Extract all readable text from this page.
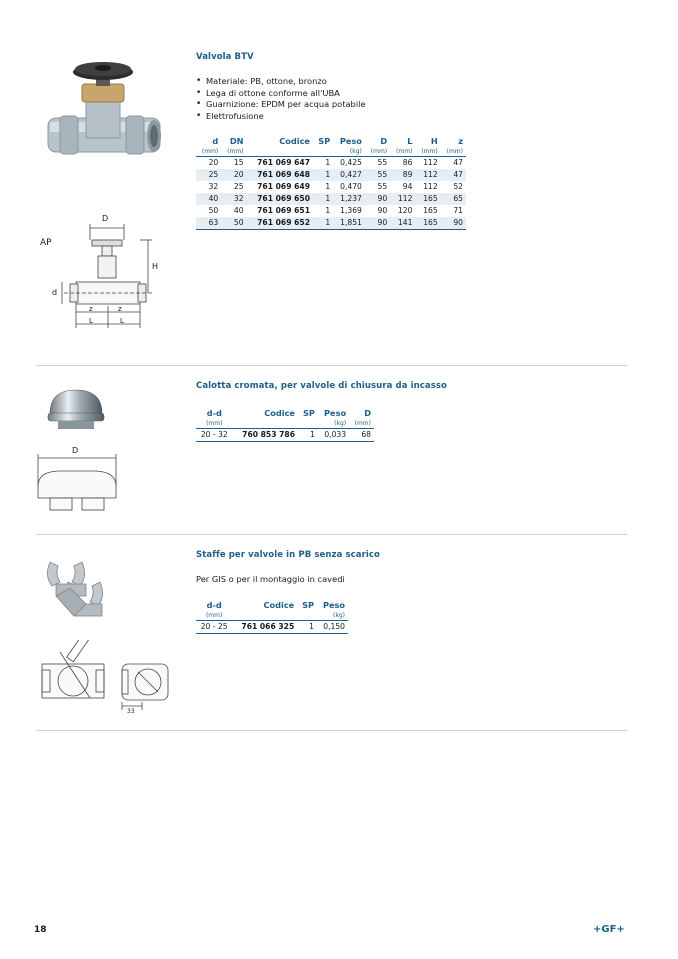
AP
D
H
d
z	z
L	L
Valvola BTV
• Materiale: PB, ottone, bronzo
• Lega di ottone conforme all'UBA
• Guarnizione: EPDM per acqua potabile
• Elettrofusione
d	DN	Codice	SP	Peso	D	L	H	z
(mm)	(mm)			(kg)	(mm)	(mm)	(mm)	(mm)
20	15	761 069 647	1	0,425	55	86	112	47
25	20	761 069 648	1	0,427	55	89	112	47
32	25	761 069 649	1	0,470	55	94	112	52
40	32	761 069 650	1	1,237	90	112	165	65
50	40	761 069 651	1	1,369	90	120	165	71
63	50	761 069 652	1	1,851	90	141	165	90
D
Calotta cromata, per valvole di chiusura da incasso
d-d	Codice	SP	Peso	D
(mm)			(kg)	(mm)
20 - 32	760 853 786	1	0,033	68
33
Staffe per valvole in PB senza scarico
Per GIS o per il montaggio in cavedi
d-d	Codice	SP	Peso
(mm)			(kg)
20 - 25	761 066 325	1	0,150
18	+GF+
